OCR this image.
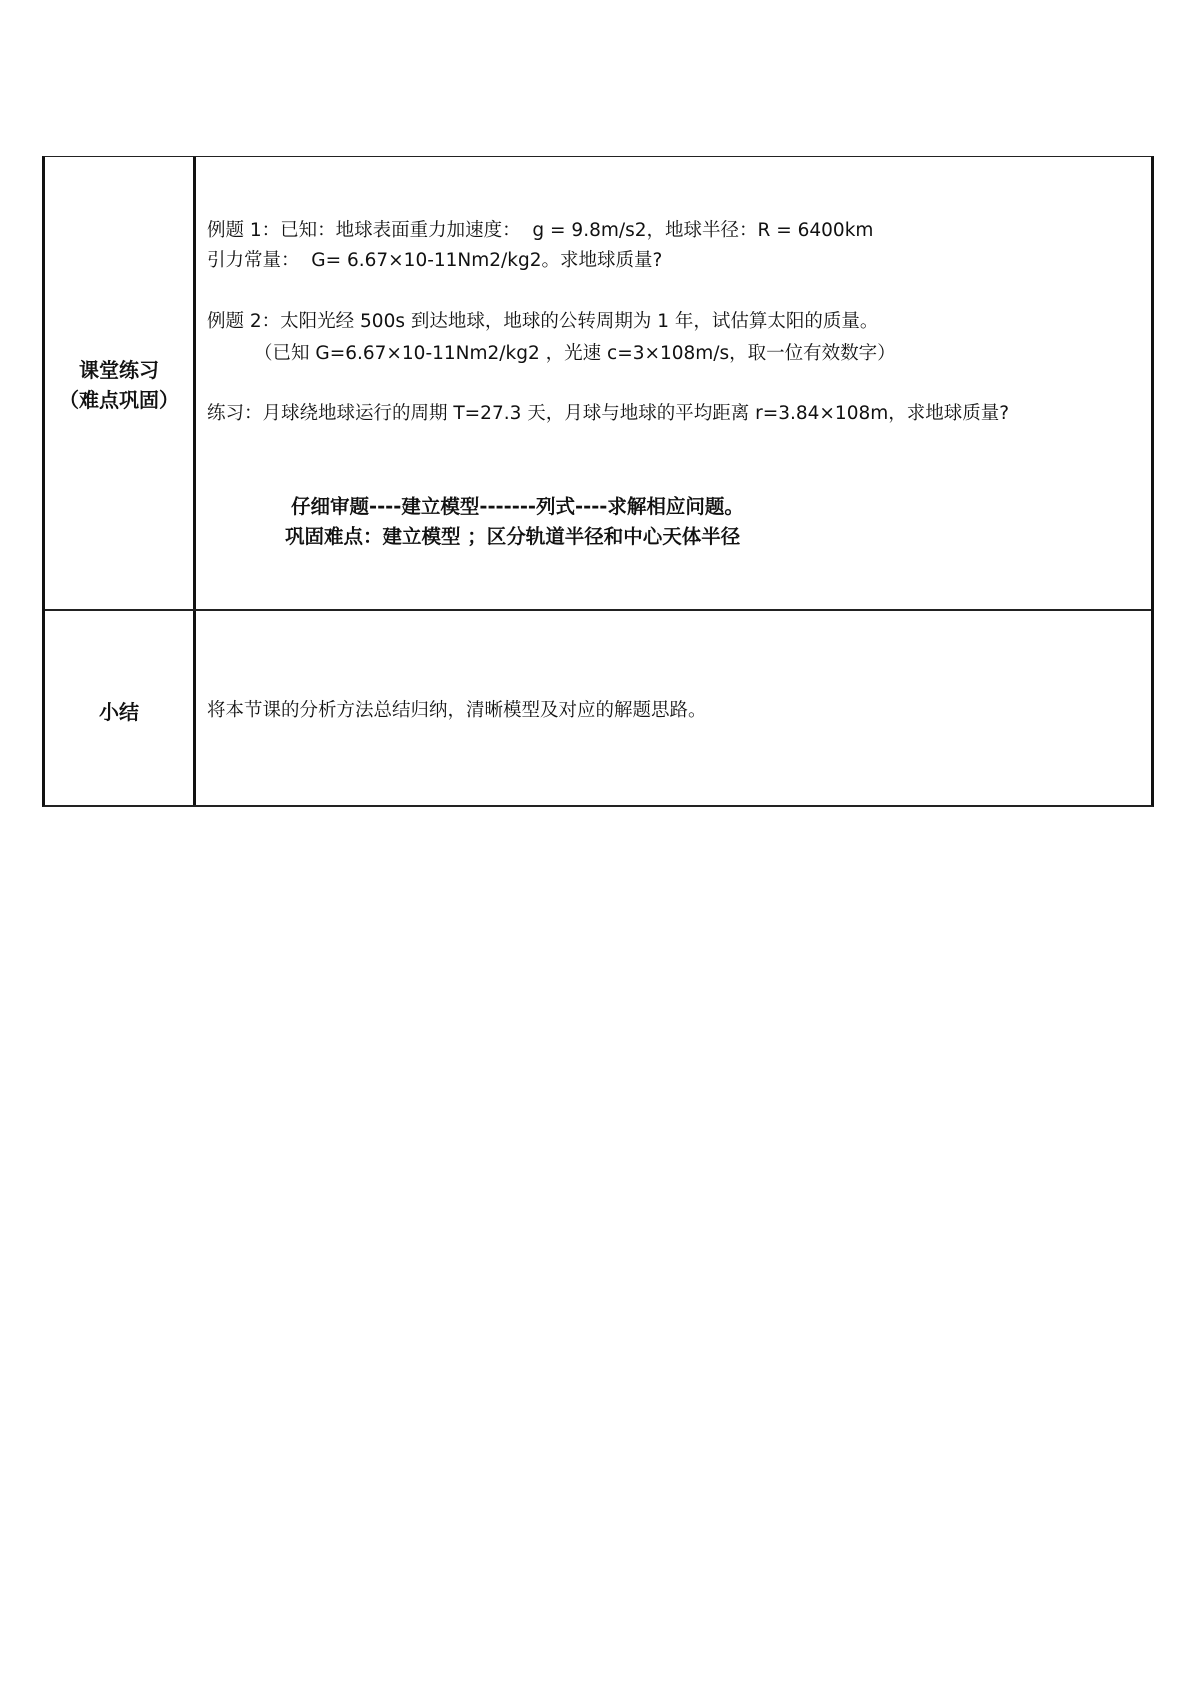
课堂练习
（难点巩固）
例题 1：已知：地球表面重力加速度：  g = 9.8m/s2，地球半径：R = 6400km
引力常量：  G= 6.67×10-11Nm2/kg2。求地球质量?
例题 2：太阳光经 500s 到达地球，地球的公转周期为 1 年，试估算太阳的质量。
（已知 G=6.67×10-11Nm2/kg2 ，光速 c=3×108m/s，取一位有效数字）
练习：月球绕地球运行的周期 T=27.3 天，月球与地球的平均距离 r=3.84×108m，求地球质量?
仔细审题----建立模型-------列式----求解相应问题。
巩固难点：建立模型 ；区分轨道半径和中心天体半径
小结	将本节课的分析方法总结归纳，清晰模型及对应的解题思路。
